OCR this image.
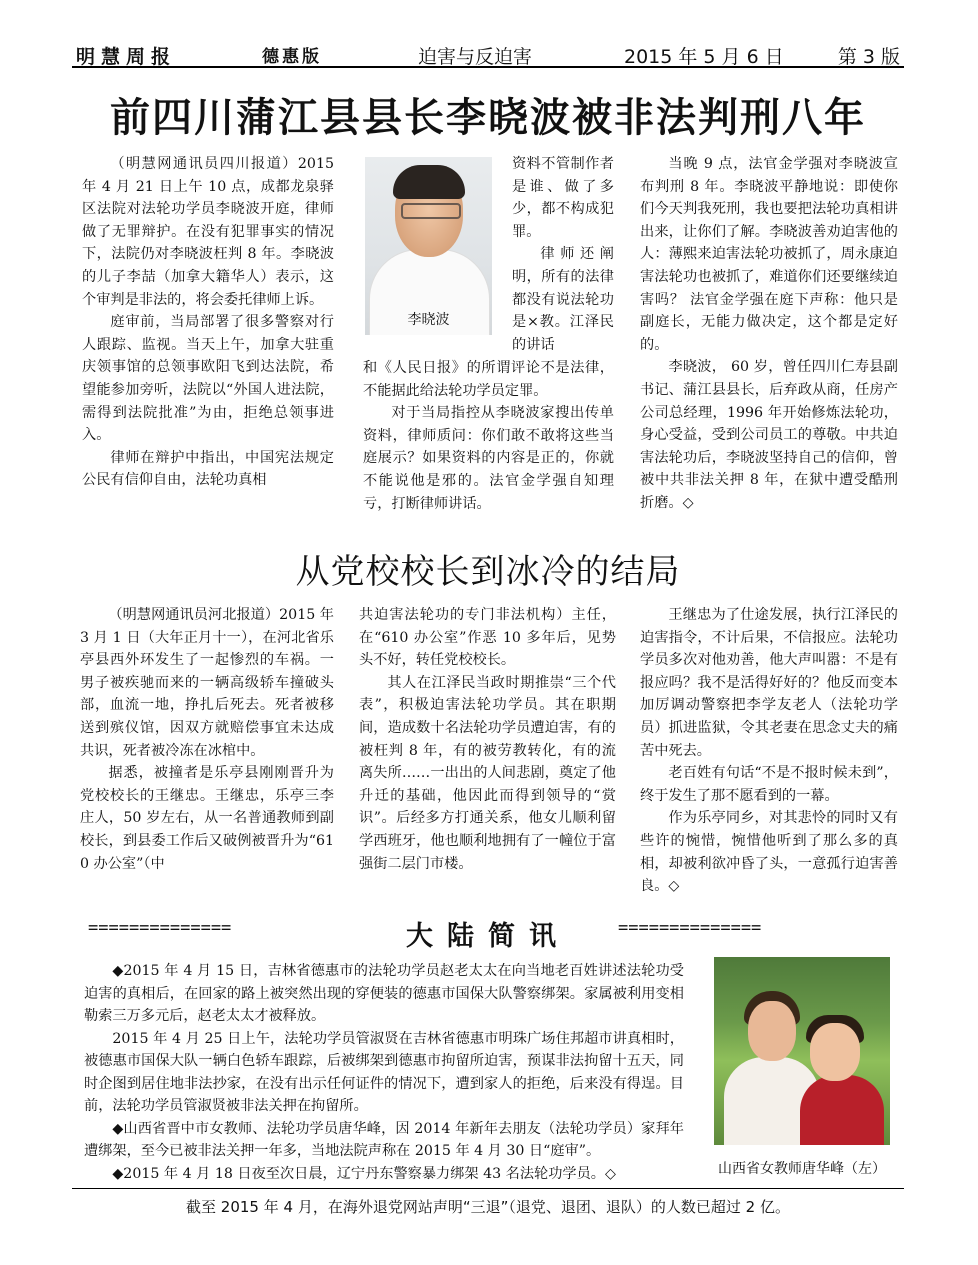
明慧周报	德惠版	迫害与反迫害	2015 年 5 月 6 日	第 3 版
前四川蒲江县县长李晓波被非法判刑八年

（明慧网通讯员四川报道）2015 年 4 月 21 日上午 10 点，成都龙泉驿区法院对法轮功学员李晓波开庭，律师做了无罪辩护。在没有犯罪事实的情况下，法院仍对李晓波枉判 8 年。李晓波的儿子李喆（加拿大籍华人）表示，这个审判是非法的，将会委托律师上诉。

庭审前，当局部署了很多警察对行人跟踪、监视。当天上午，加拿大驻重庆领事馆的总领事欧阳飞到达法院，希望能参加旁听，法院以“外国人进法院，需得到法院批准”为由，拒绝总领事进入。

律师在辩护中指出，中国宪法规定公民有信仰自由，法轮功真相

李晓波

资料不管制作者是谁、做了多少，都不构成犯罪。

律师还阐明，所有的法律都没有说法轮功是×教。江泽民的讲话

和《人民日报》的所谓评论不是法律，不能据此给法轮功学员定罪。

对于当局指控从李晓波家搜出传单资料，律师质问：你们敢不敢将这些当庭展示？如果资料的内容是正的，你就不能说他是邪的。法官金学强自知理亏，打断律师讲话。

当晚 9 点，法官金学强对李晓波宣布判刑 8 年。李晓波平静地说：即使你们今天判我死刑，我也要把法轮功真相讲出来，让你们了解。李晓波善劝迫害他的人：薄熙来迫害法轮功被抓了，周永康迫害法轮功也被抓了，难道你们还要继续迫害吗？ 法官金学强在庭下声称：他只是副庭长，无能力做决定，这个都是定好的。

李晓波， 60 岁，曾任四川仁寿县副书记、蒲江县县长，后弃政从商，任房产公司总经理，1996 年开始修炼法轮功，身心受益，受到公司员工的尊敬。中共迫害法轮功后，李晓波坚持自己的信仰，曾被中共非法关押 8 年，在狱中遭受酷刑折磨。◇

从党校校长到冰冷的结局

（明慧网通讯员河北报道）2015 年 3 月 1 日（大年正月十一），在河北省乐亭县西外环发生了一起惨烈的车祸。一男子被疾驰而来的一辆高级轿车撞破头部，血流一地，挣扎后死去。死者被移送到殡仪馆，因双方就赔偿事宜未达成共识，死者被冷冻在冰棺中。

据悉，被撞者是乐亭县刚刚晋升为党校校长的王继忠。王继忠，乐亭三李庄人，50 岁左右，从一名普通教师到副校长，到县委工作后又破例被晋升为“610 办公室”（中

共迫害法轮功的专门非法机构）主任，在“610 办公室”作恶 10 多年后，见势头不好，转任党校校长。

其人在江泽民当政时期推崇“三个代表”，积极迫害法轮功学员。其在职期间，造成数十名法轮功学员遭迫害，有的被枉判 8 年，有的被劳教转化，有的流离失所……一出出的人间悲剧，奠定了他升迁的基础，他因此而得到领导的“赏识”。后经多方打通关系，他女儿顺利留学西班牙，他也顺利地拥有了一幢位于富强街二层门市楼。

王继忠为了仕途发展，执行江泽民的迫害指令，不计后果，不信报应。法轮功学员多次对他劝善，他大声叫嚣：不是有报应吗？我不是活得好好的？他反而变本加厉调动警察把李学友老人（法轮功学员）抓进监狱，令其老妻在思念丈夫的痛苦中死去。

老百姓有句话“不是不报时候未到”，终于发生了那不愿看到的一幕。

作为乐亭同乡，对其悲怜的同时又有些许的惋惜，惋惜他听到了那么多的真相，却被利欲冲昏了头，一意孤行迫害善良。◇

==============	大陆简讯	==============

◆2015 年 4 月 15 日，吉林省德惠市的法轮功学员赵老太太在向当地老百姓讲述法轮功受迫害的真相后，在回家的路上被突然出现的穿便装的德惠市国保大队警察绑架。家属被利用变相勒索三万多元后，赵老太太才被释放。

2015 年 4 月 25 日上午，法轮功学员管淑贤在吉林省德惠市明珠广场住邦超市讲真相时，被德惠市国保大队一辆白色轿车跟踪，后被绑架到德惠市拘留所迫害，预谋非法拘留十五天，同时企图到居住地非法抄家，在没有出示任何证件的情况下，遭到家人的拒绝，后来没有得逞。目前，法轮功学员管淑贤被非法关押在拘留所。

◆山西省晋中市女教师、法轮功学员唐华峰，因 2014 年新年去朋友（法轮功学员）家拜年遭绑架，至今已被非法关押一年多，当地法院声称在 2015 年 4 月 30 日“庭审”。

◆2015 年 4 月 18 日夜至次日晨，辽宁丹东警察暴力绑架 43 名法轮功学员。◇	山西省女教师唐华峰（左）
截至 2015 年 4 月，在海外退党网站声明“三退”（退党、退团、退队）的人数已超过 2 亿。
